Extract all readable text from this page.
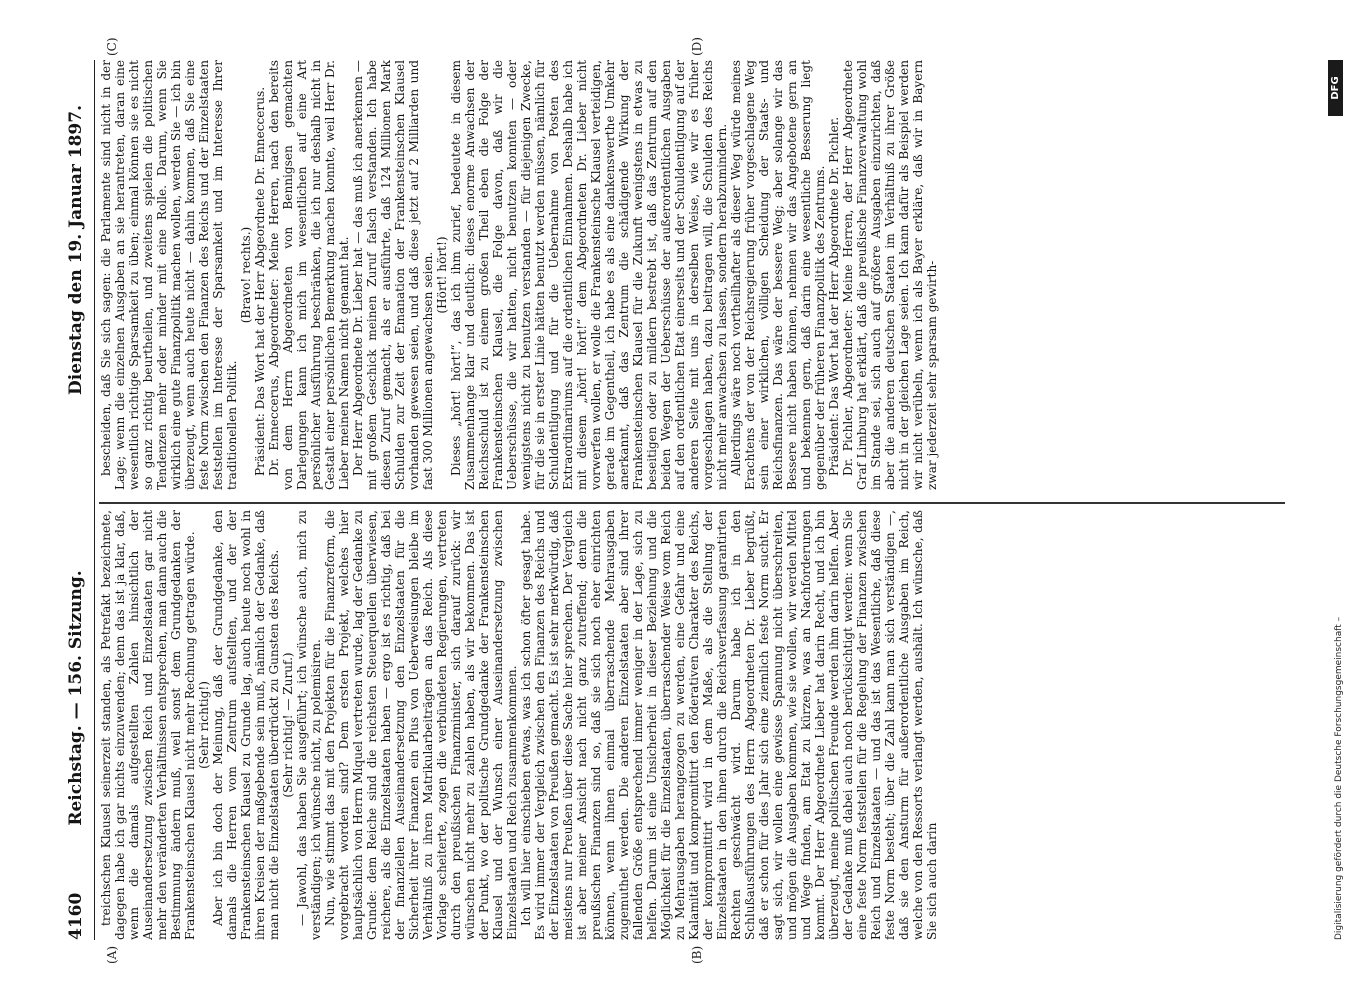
4160
Reichstag. — 156. Sitzung.
Dienstag den 19. Januar 1897.
(A)	(B)
(C)	(D)

treichschen Klausel seinerzeit standen, als Petrefakt bezeichnete, dagegen habe ich gar nichts einzuwenden; denn das ist ja klar, daß, wenn die damals aufgestellten Zahlen hinsichtlich der Auseinandersetzung zwischen Reich und Einzelstaaten gar nicht mehr den veränderten Verhältnissen entsprechen, man dann auch die Bestimmung ändern muß, weil sonst dem Grundgedanken der Frankensteinschen Klausel nicht mehr Rechnung getragen würde. (Sehr richtig!) Aber ich bin doch der Meinung, daß der Grundgedanke, den damals die Herren vom Zentrum aufstellten, und der der Frankensteinschen Klausel zu Grunde lag, auch heute noch wohl in ihren Kreisen der maßgebende sein muß, nämlich der Gedanke, daß man nicht die Einzelstaaten überdrückt zu Gunsten des Reichs. (Sehr richtig! — Zuruf.) — Jawohl, das haben Sie ausgeführt; ich wünsche auch, mich zu verständigen; ich wünsche nicht, zu polemisiren. Nun, wie stimmt das mit den Projekten für die Finanzreform, die vorgebracht worden sind? Dem ersten Projekt, welches hier hauptsächlich von Herrn Miquel vertreten wurde, lag der Gedanke zu Grunde: dem Reiche sind die reichsten Steuerquellen überwiesen, reichere, als die Einzelstaaten haben — ergo ist es richtig, daß bei der finanziellen Auseinandersetzung den Einzelstaaten für die Sicherheit ihrer Finanzen ein Plus von Ueberweisungen bleibe im Verhältniß zu ihren Matrikularbeiträgen an das Reich. Als diese Vorlage scheiterte, zogen die verbündeten Regierungen, vertreten durch den preußischen Finanzminister, sich darauf zurück: wir wünschen nicht mehr zu zahlen haben, als wir bekommen. Das ist der Punkt, wo der politische Grundgedanke der Frankensteinschen Klausel und der Wunsch einer Auseinandersetzung zwischen Einzelstaaten und Reich zusammenkommen. Ich will hier einschieben etwas, was ich schon öfter gesagt habe. Es wird immer der Vergleich zwischen den Finanzen des Reichs und der Einzelstaaten von Preußen gemacht. Es ist sehr merkwürdig, daß meistens nur Preußen über diese Sache hier sprechen. Der Vergleich ist aber meiner Ansicht nach nicht ganz zutreffend; denn die preußischen Finanzen sind so, daß sie sich noch eher einrichten können, wenn ihnen einmal überraschende Mehrausgaben zugemuthet werden. Die anderen Einzelstaaten aber sind ihrer fallenden Größe entsprechend immer weniger in der Lage, sich zu helfen. Darum ist eine Unsicherheit in dieser Beziehung und die Möglichkeit für die Einzelstaaten, überraschender Weise vom Reich zu Mehrausgaben herangezogen zu werden, eine Gefahr und eine Kalamität und kompromittirt den föderativen Charakter des Reichs, der kompromittirt wird in dem Maße, als die Stellung der Einzelstaaten in den ihnen durch die Reichsverfassung garantirten Rechten geschwächt wird. Darum habe ich in den Schlußausführungen des Herrn Abgeordneten Dr. Lieber begrüßt, daß er schon für dies Jahr sich eine ziemlich feste Norm sucht. Er sagt sich, wir wollen eine gewisse Spannung nicht überschreiten, und mögen die Ausgaben kommen, wie sie wollen, wir werden Mittel und Wege finden, am Etat zu kürzen, was an Nachforderungen kommt. Der Herr Abgeordnete Lieber hat darin Recht, und ich bin überzeugt, meine politischen Freunde werden ihm darin helfen. Aber der Gedanke muß dabei auch noch berücksichtigt werden: wenn Sie eine feste Norm feststellen für die Regelung der Finanzen zwischen Reich und Einzelstaaten — und das ist das Wesentliche, daß diese feste Norm besteht; über die Zahl kann man sich verständigen —, daß sie den Ansturm für außerordentliche Ausgaben im Reich, welche von den Ressorts verlangt werden, aushält. Ich wünsche, daß Sie sich auch darin

bescheiden, daß Sie sich sagen: die Parlamente sind nicht in der Lage; wenn die einzelnen Ausgaben an sie herantreten, daran eine wesentlich richtige Sparsamkeit zu üben; einmal können sie es nicht so ganz richtig beurtheilen, und zweitens spielen die politischen Tendenzen mehr oder minder mit eine Rolle. Darum, wenn Sie wirklich eine gute Finanzpolitik machen wollen, werden Sie — ich bin überzeugt, wenn auch heute nicht — dahin kommen, daß Sie eine feste Norm zwischen den Finanzen des Reichs und der Einzelstaaten feststellen im Interesse der Sparsamkeit und im Interesse Ihrer traditionellen Politik.

(Bravo! rechts.) Präsident: Das Wort hat der Herr Abgeordnete Dr. Enneccerus. Dr. Enneccerus, Abgeordneter: Meine Herren, nach den bereits von dem Herrn Abgeordneten von Bennigsen gemachten Darlegungen kann ich mich im wesentlichen auf eine Art persönlicher Ausführung beschränken, die ich nur deshalb nicht in Gestalt einer persönlichen Bemerkung machen konnte, weil Herr Dr. Lieber meinen Namen nicht genannt hat. Der Herr Abgeordnete Dr. Lieber hat — das muß ich anerkennen — mit großem Geschick meinen Zuruf falsch verstanden. Ich habe diesen Zuruf gemacht, als er ausführte, daß 124 Millionen Mark Schulden zur Zeit der Emanation der Frankensteinschen Klausel vorhanden gewesen seien, und daß diese jetzt auf 2 Milliarden und fast 300 Millionen angewachsen seien. (Hört! hört!) Dieses „hört! hört!“, das ich ihm zurief, bedeutete in diesem Zusammenhange klar und deutlich: dieses enorme Anwachsen der Reichsschuld ist zu einem großen Theil eben die Folge der Frankensteinschen Klausel, die Folge davon, daß wir die Ueberschüsse, die wir hatten, nicht benutzen konnten — oder wenigstens nicht zu benutzen verstanden — für diejenigen Zwecke, für die sie in erster Linie hätten benutzt werden müssen, nämlich für Schuldentilgung und für die Uebernahme von Posten des Extraordinariums auf die ordentlichen Einnahmen. Deshalb habe ich mit diesem „hört! hört!“ dem Abgeordneten Dr. Lieber nicht vorwerfen wollen, er wolle die Frankensteinsche Klausel verteidigen, gerade im Gegentheil, ich habe es als eine dankenswerthe Umkehr anerkannt, daß das Zentrum die schädigende Wirkung der Frankensteinschen Klausel für die Zukunft wenigstens in etwas zu beseitigen oder zu mildern bestrebt ist, daß das Zentrum auf den beiden Wegen der Ueberschüsse der außerordentlichen Ausgaben auf den ordentlichen Etat einerseits und der Schuldentilgung auf der anderen Seite mit uns in derselben Weise, wie wir es früher vorgeschlagen haben, dazu beitragen will, die Schulden des Reichs nicht mehr anwachsen zu lassen, sondern herabzumindern. Allerdings wäre noch vortheilhafter als dieser Weg würde meines Erachtens der von der Reichsregierung früher vorgeschlagene Weg sein einer wirklichen, völligen Scheidung der Staats- und Reichsfinanzen. Das wäre der bessere Weg; aber solange wir das Bessere nicht haben können, nehmen wir das Angebotene gern an und bekennen gern, daß darin eine wesentliche Besserung liegt gegenüber der früheren Finanzpolitik des Zentrums. Präsident: Das Wort hat der Herr Abgeordnete Dr. Pichler. Dr. Pichler, Abgeordneter: Meine Herren, der Herr Abgeordnete Graf Limburg hat erklärt, daß die preußische Finanzverwaltung wohl im Stande sei, sich auch auf größere Ausgaben einzurichten, daß aber die anderen deutschen Staaten im Verhältniß zu ihrer Größe nicht in der gleichen Lage seien. Ich kann dafür als Beispiel werden wir nicht verübeln, wenn ich als Bayer erkläre, daß wir in Bayern zwar jederzeit sehr sparsam gewirth-

Digitalisierung gefördert durch die Deutsche Forschungsgemeinschaft –
DFG
